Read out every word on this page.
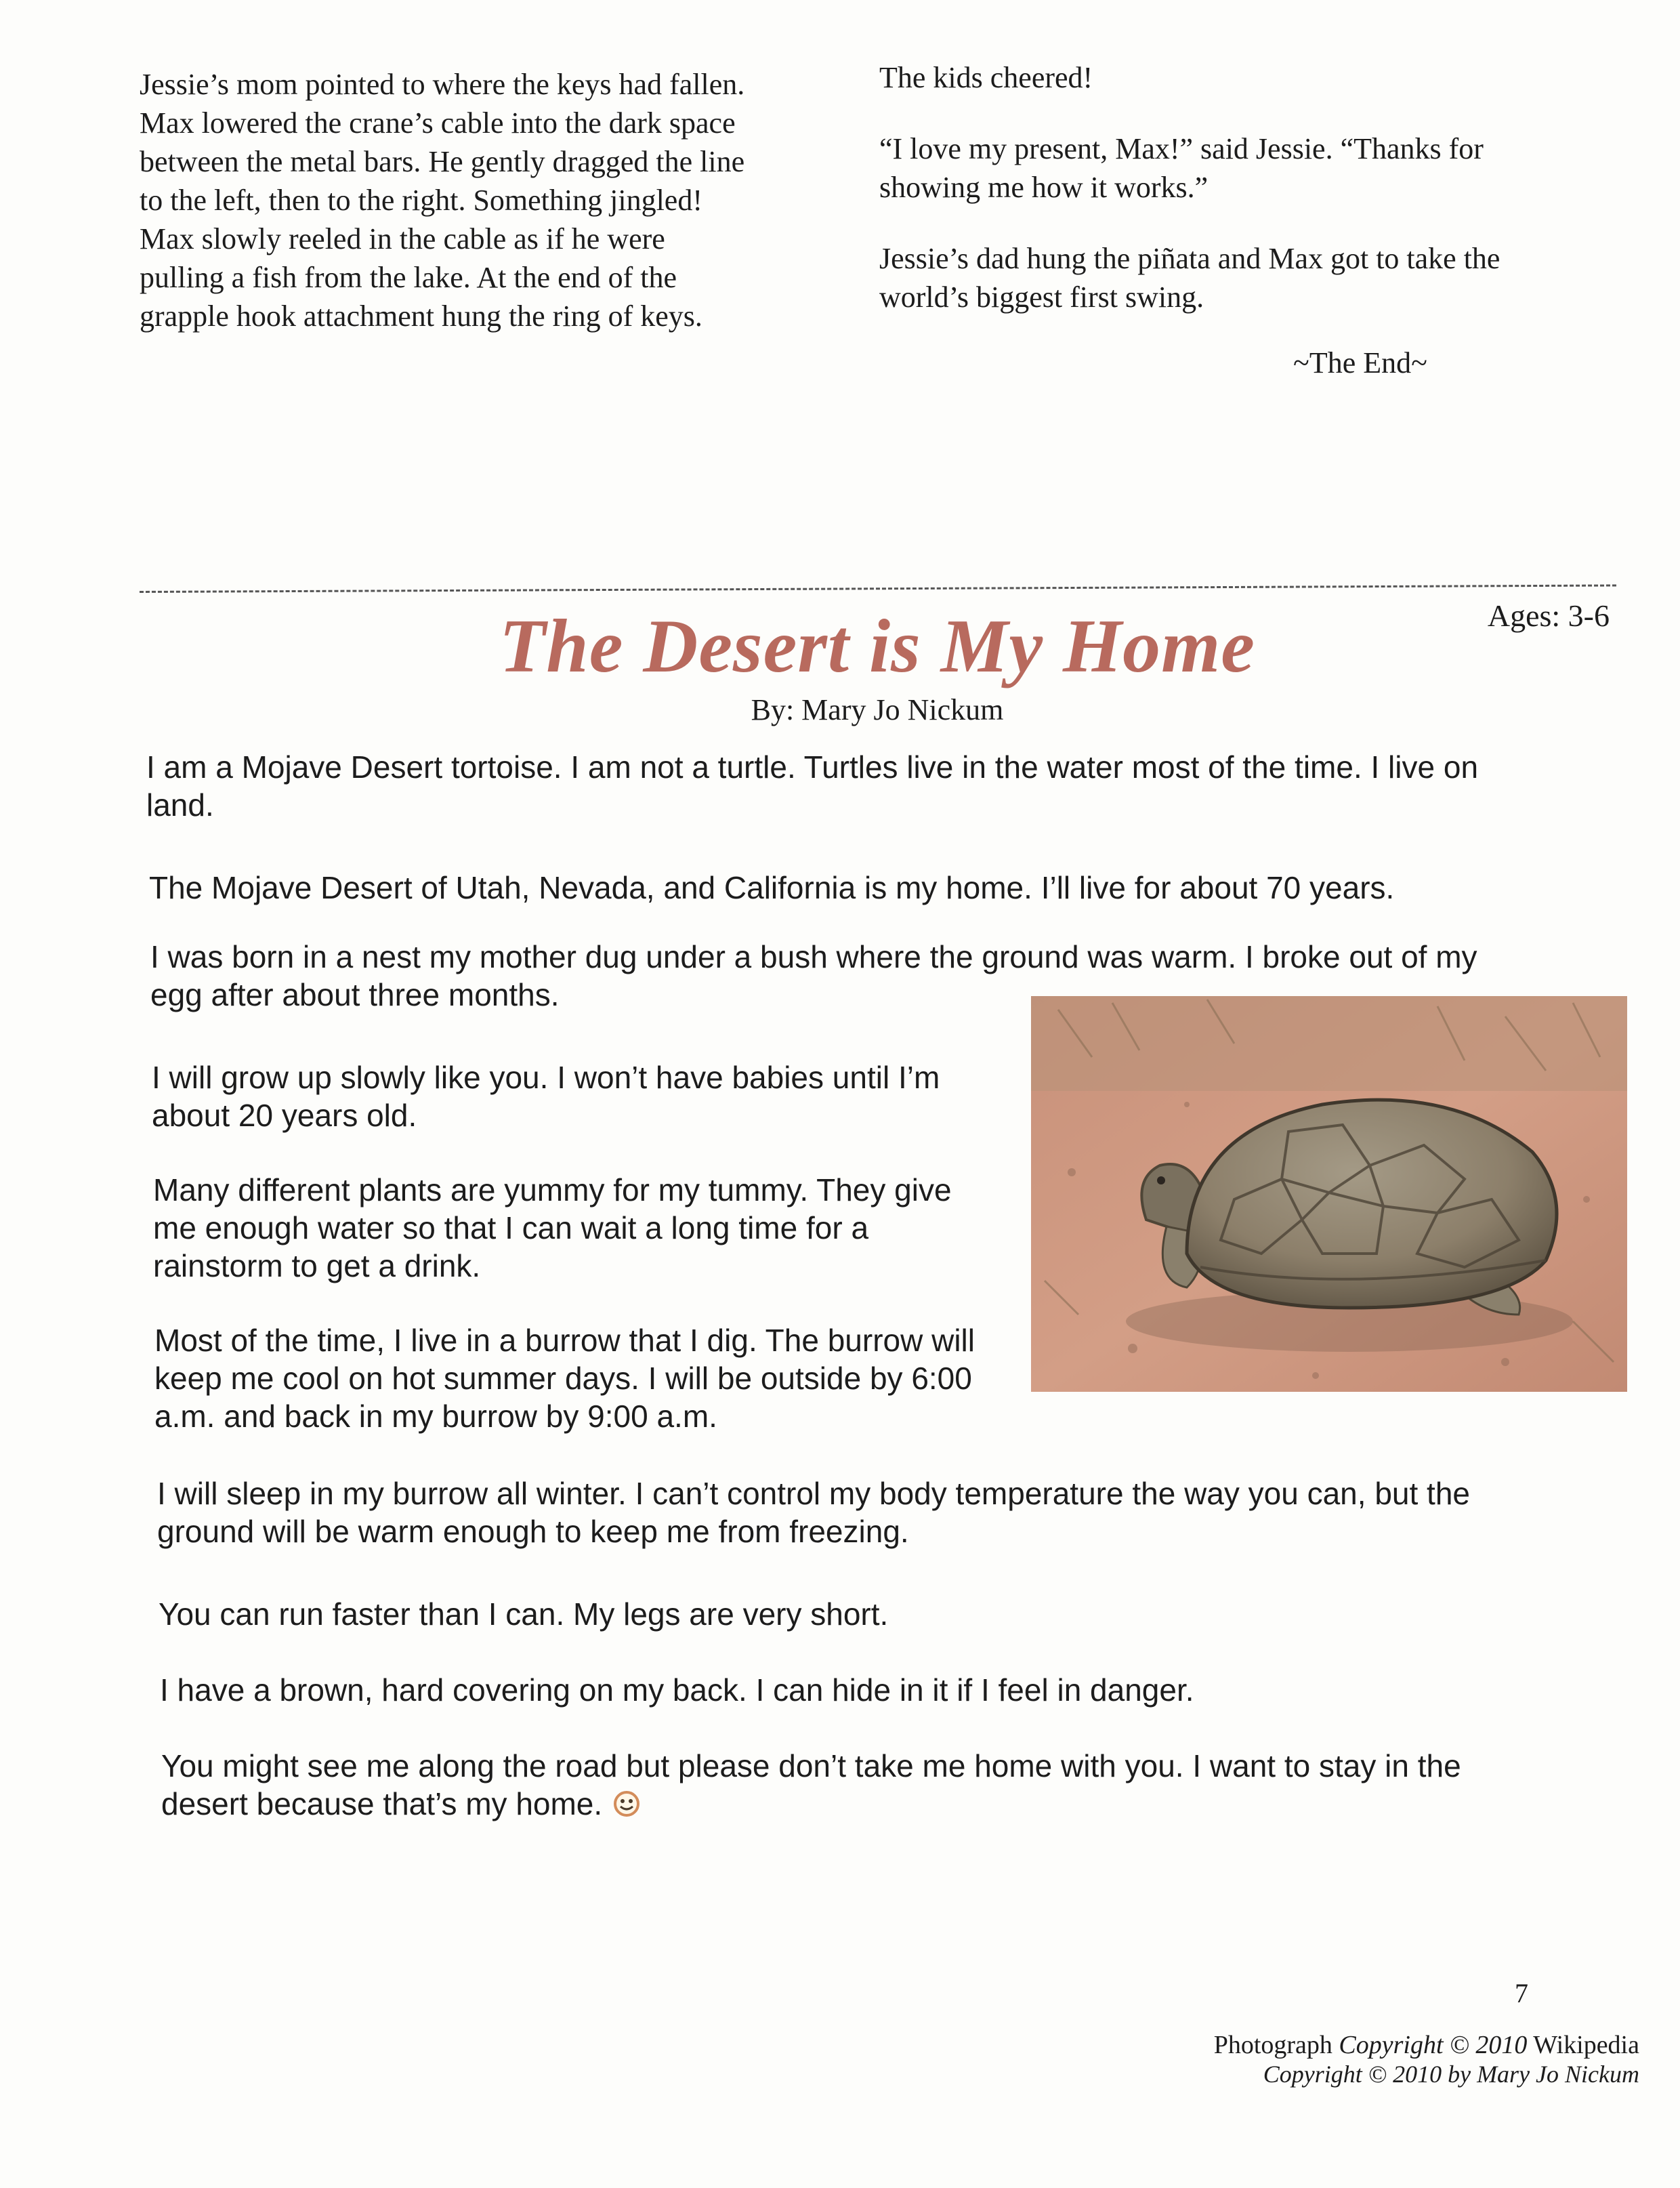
Jessie’s mom pointed to where the keys had fallen.

Max lowered the crane’s cable into the dark space

between the metal bars. He gently dragged the line

to the left, then to the right. Something jingled!

Max slowly reeled in the cable as if he were

pulling a fish from the lake. At the end of the

grapple hook attachment hung the ring of keys.

The kids cheered!

“I love my present, Max!” said Jessie. “Thanks for

showing me how it works.”

Jessie’s dad hung the piñata and Max got to take the

world’s biggest first swing.

~The End~

Ages: 3-6
The Desert is My Home
By: Mary Jo Nickum

I am a Mojave Desert tortoise. I am not a turtle. Turtles live in the water most of the time. I live on
land.

The Mojave Desert of Utah, Nevada, and California is my home. I’ll live for about 70 years.

I was born in a nest my mother dug under a bush where the ground was warm. I broke out of my
egg after about three months.

I will grow up slowly like you. I won’t have babies until I’m
about 20 years old.

Many different plants are yummy for my tummy. They give
me enough water so that I can wait a long time for a
rainstorm to get a drink.

Most of the time, I live in a burrow that I dig. The burrow will
keep me cool on hot summer days. I will be outside by 6:00
a.m. and back in my burrow by 9:00 a.m.

I will sleep in my burrow all winter. I can’t control my body temperature the way you can, but the
ground will be warm enough to keep me from freezing.

You can run faster than I can. My legs are very short.

I have a brown, hard covering on my back. I can hide in it if I feel in danger.

You might see me along the road but please don’t take me home with you. I want to stay in the
desert because that’s my home.

7
Photograph Copyright © 2010 Wikipedia
Copyright © 2010 by Mary Jo Nickum
